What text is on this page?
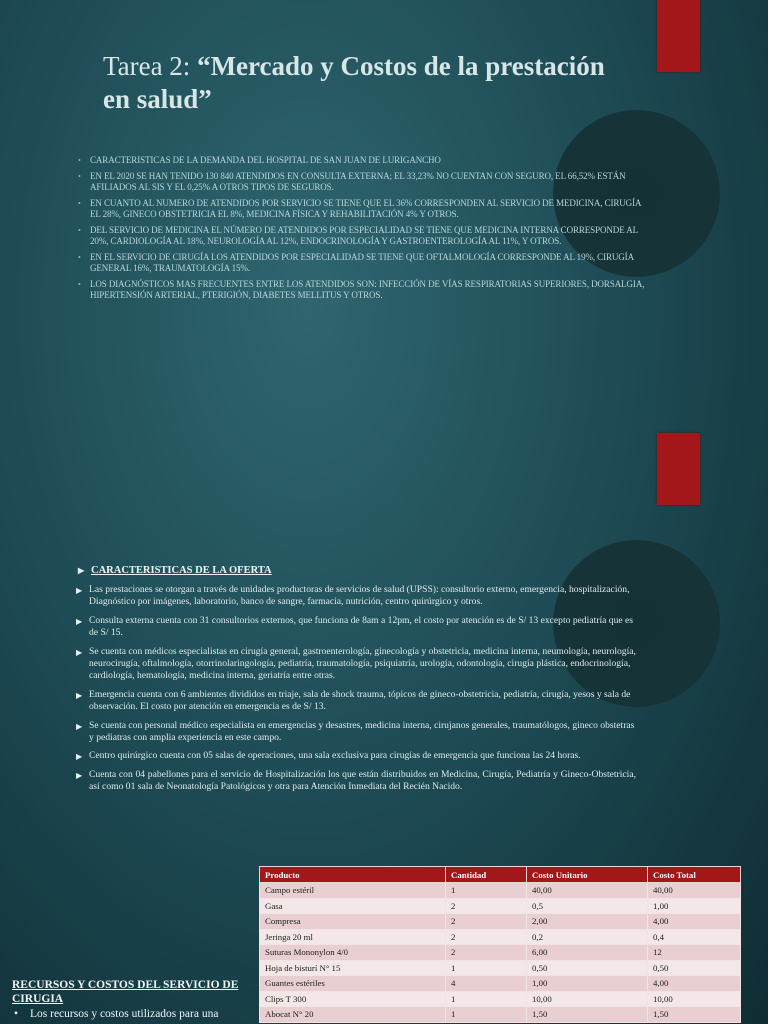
Tarea 2: “Mercado y Costos de la prestación en salud”
• CARACTERISTICAS DE LA DEMANDA DEL HOSPITAL DE SAN JUAN DE LURIGANCHO
• EN EL 2020 SE HAN TENIDO 130 840 ATENDIDOS EN CONSULTA EXTERNA; EL 33,23% NO CUENTAN CON SEGURO, EL 66,52% ESTÁN AFILIADOS AL SIS Y EL 0,25% A OTROS TIPOS DE SEGUROS.
• EN CUANTO AL NUMERO DE ATENDIDOS POR SERVICIO SE TIENE QUE EL 36% CORRESPONDEN AL SERVICIO DE MEDICINA, CIRUGÍA EL 28%, GINECO OBSTETRICIA EL 8%, MEDICINA FÍSICA Y REHABILITACIÓN 4% Y OTROS.
• DEL SERVICIO DE MEDICINA EL NÚMERO DE ATENDIDOS POR ESPECIALIDAD SE TIENE QUE MEDICINA INTERNA CORRESPONDE AL 20%, CARDIOLOGÍA AL 18%, NEUROLOGÍA AL 12%, ENDOCRINOLOGÍA Y GASTROENTEROLOGÍA AL 11%, Y OTROS.
• EN EL SERVICIO DE CIRUGÍA LOS ATENDIDOS POR ESPECIALIDAD SE TIENE QUE OFTALMOLOGÍA CORRESPONDE AL 19%, CIRUGÍA GENERAL 16%, TRAUMATOLOGÍA 15%.
• LOS DIAGNÓSTICOS MAS FRECUENTES ENTRE LOS ATENDIDOS SON: INFECCIÓN DE VÍAS RESPIRATORIAS SUPERIORES, DORSALGIA, HIPERTENSIÓN ARTERIAL, PTERIGIÓN, DIABETES MELLITUS Y OTROS.
▶ CARACTERISTICAS DE LA OFERTA
▶ Las prestaciones se otorgan a través de unidades productoras de servicios de salud (UPSS): consultorio externo, emergencia, hospitalización, Diagnóstico por imágenes, laboratorio, banco de sangre, farmacia, nutrición, centro quirúrgico y otros.
▶ Consulta externa cuenta con 31 consultorios externos, que funciona de 8am a 12pm, el costo por atención es de S/ 13 excepto pediatría que es de S/ 15.
▶ Se cuenta con médicos especialistas en cirugía general, gastroenterología, ginecología y obstetricia, medicina interna, neumología, neurología, neurocirugía, oftalmología, otorrinolaringología, pediatría, traumatología, psiquiatría, urología, odontología, cirugía plástica, endocrinología, cardiología, hematología, medicina interna, geriatría entre otras.
▶ Emergencia cuenta con 6 ambientes divididos en triaje, sala de shock trauma, tópicos de gineco-obstetricia, pediatría, cirugía, yesos y sala de observación. El costo por atención en emergencia es de S/ 13.
▶ Se cuenta con personal médico especialista en emergencias y desastres, medicina interna, cirujanos generales, traumatólogos, gineco obstetras y pediatras con amplia experiencia en este campo.
▶ Centro quirúrgico cuenta con 05 salas de operaciones, una sala exclusiva para cirugías de emergencia que funciona las 24 horas.
▶ Cuenta con 04 pabellones para el servicio de Hospitalización los que están distribuidos en Medicina, Cirugía, Pediatría y Gineco-Obstetricia, así como 01 sala de Neonatología Patológicos y otra para Atención Inmediata del Recién Nacido.
Producto	Cantidad	Costo Unitario	Costo Total
Campo estéril	1	40,00	40,00
Gasa	2	0,5	1,00
Compresa	2	2,00	4,00
Jeringa 20 ml	2	0,2	0,4
Suturas Mononylon 4/0	2	6,00	12
Hoja de bisturí N° 15	1	0,50	0,50
Guantes estériles	4	1,00	4,00
Clips T 300	1	10,00	10,00
Abocat N° 20	1	1,50	1,50
RECURSOS Y COSTOS DEL SERVICIO DE CIRUGIA
• Los recursos y costos utilizados para una
